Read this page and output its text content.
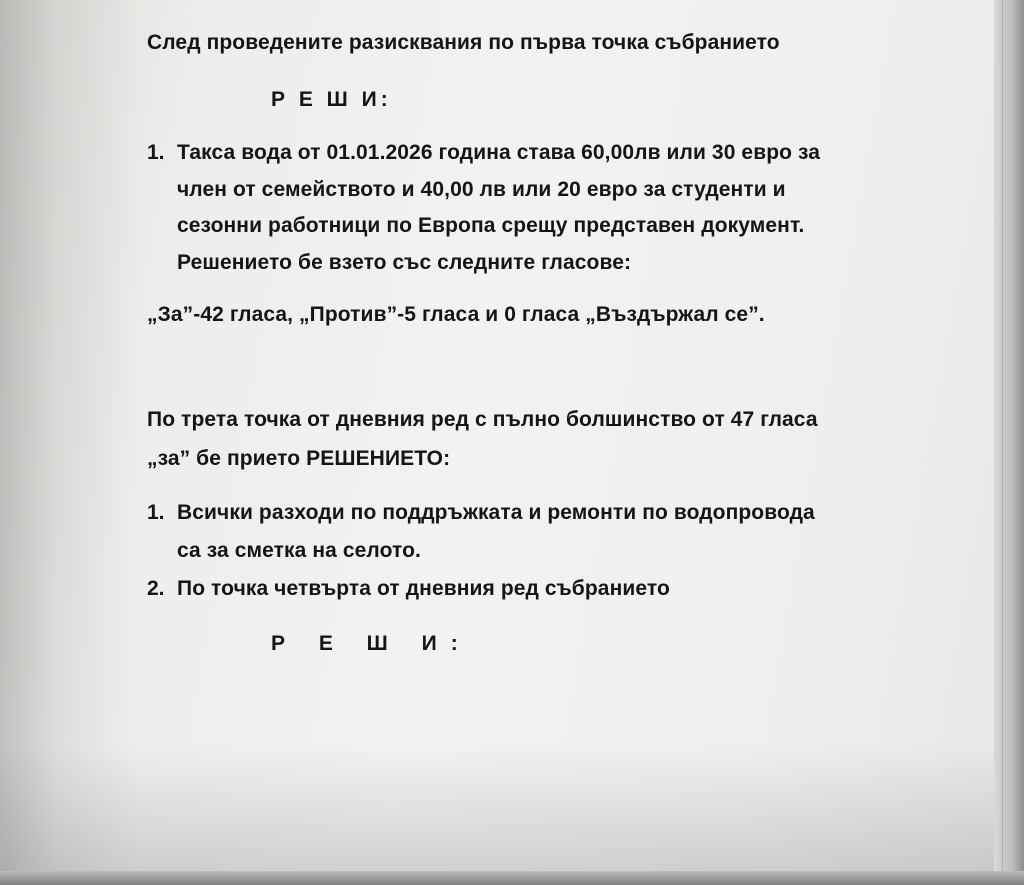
След проведените разисквания по първа точка събранието

Р Е Ш И:

1. Такса вода от 01.01.2026 година става 60,00лв или 30 евро за

член от семейството и 40,00 лв или 20 евро за студенти и

сезонни работници по Европа срещу представен документ.

Решението бе взето със следните гласове:

„За”-42 гласа, „Против”-5 гласа и 0 гласа „Въздържал се”.

По трета точка от дневния ред с пълно болшинство от 47 гласа

„за” бе прието РЕШЕНИЕТО:

1. Всички разходи по поддръжката и ремонти по водопровода

са за сметка на селото.

2. По точка четвърта от дневния ред събранието

Р Е Ш И:
